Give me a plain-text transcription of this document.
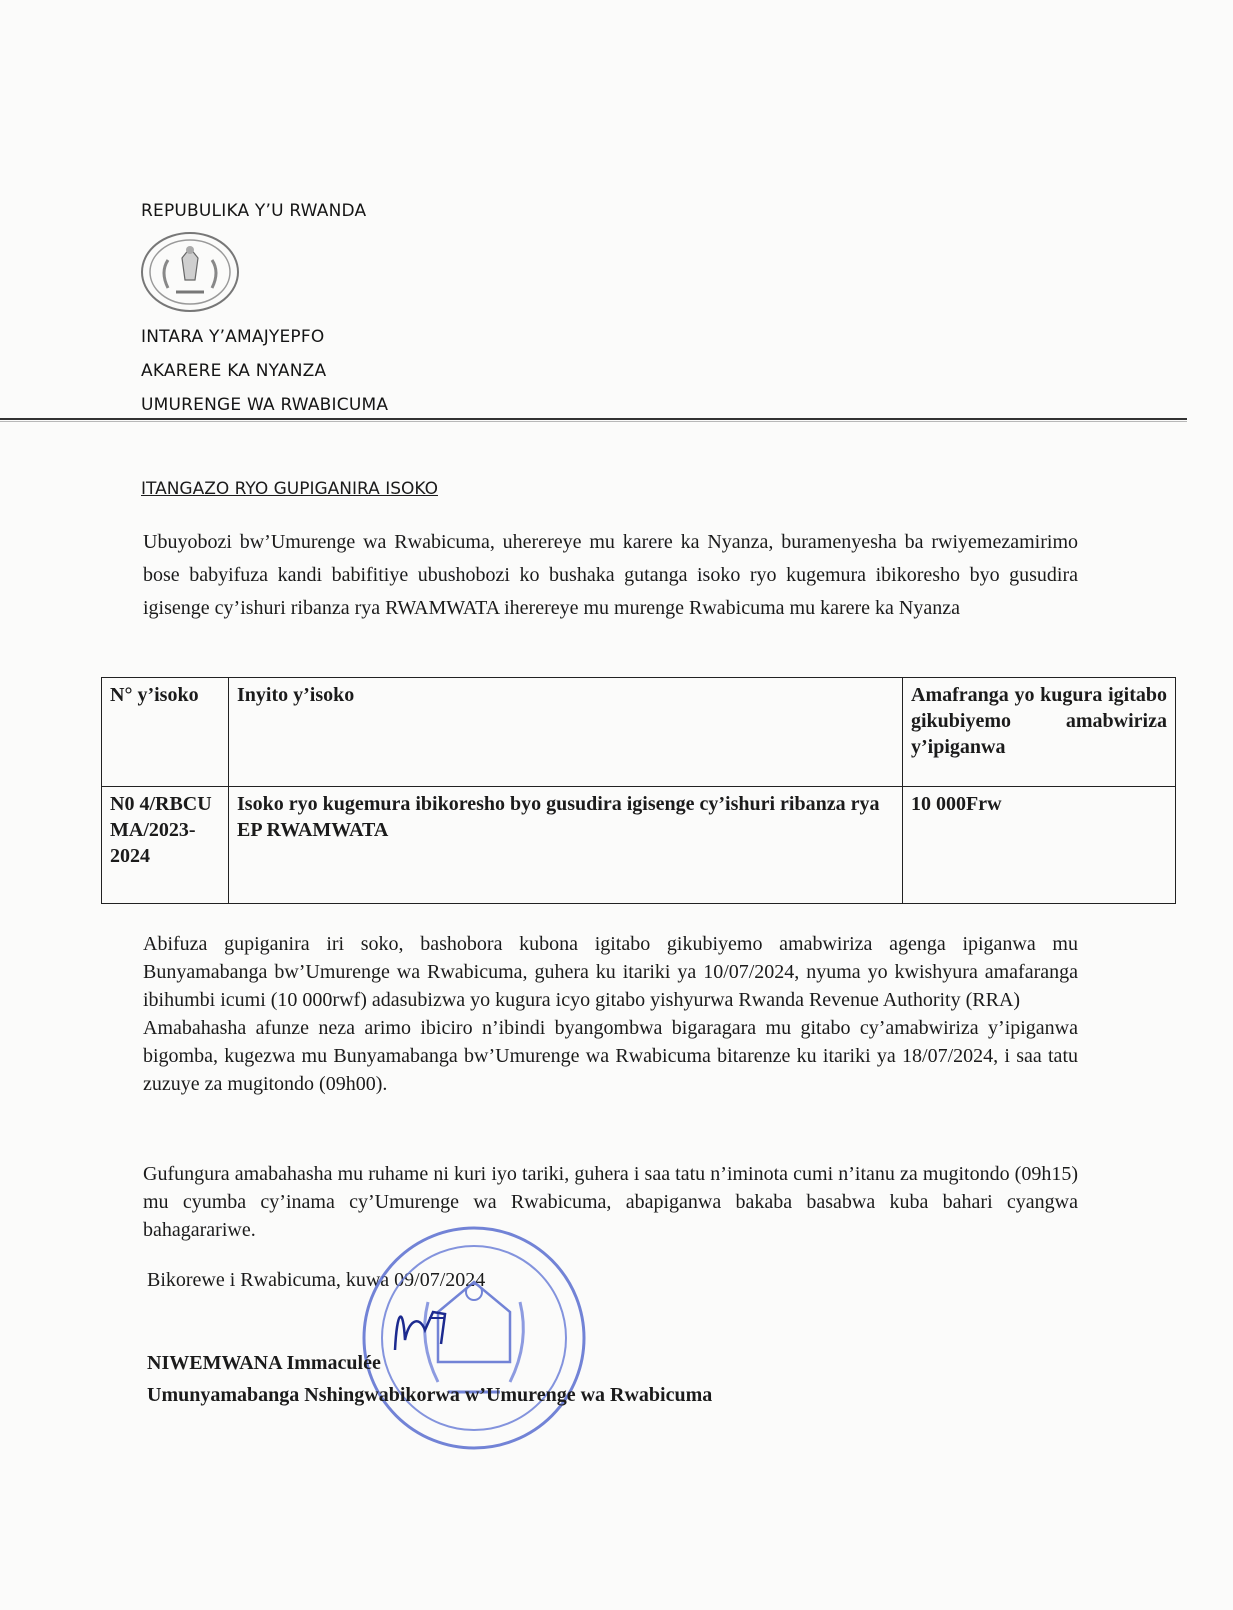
REPUBULIKA Y’U RWANDA
INTARA Y’AMAJYEPFO
AKARERE KA NYANZA
UMURENGE WA RWABICUMA
ITANGAZO RYO GUPIGANIRA ISOKO

Ubuyobozi bw’Umurenge wa Rwabicuma, uherereye mu karere ka Nyanza, buramenyesha ba rwiyemezamirimo bose babyifuza kandi babifitiye ubushobozi ko bushaka gutanga isoko ryo kugemura ibikoresho byo gusudira igisenge cy’ishuri ribanza rya RWAMWATA iherereye mu murenge Rwabicuma mu karere ka Nyanza

N° y’isoko	Inyito y’isoko	Amafranga yo kugura igitabo gikubiyemo amabwiriza y’ipiganwa

N0 4/RBCU MA/2023-2024	Isoko ryo kugemura ibikoresho byo gusudira igisenge cy’ishuri ribanza rya EP RWAMWATA	10 000Frw

Abifuza gupiganira iri soko, bashobora kubona igitabo gikubiyemo amabwiriza agenga ipiganwa mu Bunyamabanga bw’Umurenge wa Rwabicuma, guhera ku itariki ya 10/07/2024, nyuma yo kwishyura amafaranga ibihumbi icumi (10 000rwf) adasubizwa yo kugura icyo gitabo yishyurwa Rwanda Revenue Authority (RRA)

Amabahasha afunze neza arimo ibiciro n’ibindi byangombwa bigaragara mu gitabo cy’amabwiriza y’ipiganwa bigomba, kugezwa mu Bunyamabanga bw’Umurenge wa Rwabicuma bitarenze ku itariki ya 18/07/2024, i saa tatu zuzuye za mugitondo (09h00).

Gufungura amabahasha mu ruhame ni kuri iyo tariki, guhera i saa tatu n’iminota cumi n’itanu za mugitondo (09h15) mu cyumba cy’inama cy’Umurenge wa Rwabicuma, abapiganwa bakaba basabwa kuba bahari cyangwa bahagarariwe.

Bikorewe i Rwabicuma, kuwa 09/07/2024
NIWEMWANA Immaculée
Umunyamabanga Nshingwabikorwa w’Umurenge wa Rwabicuma
